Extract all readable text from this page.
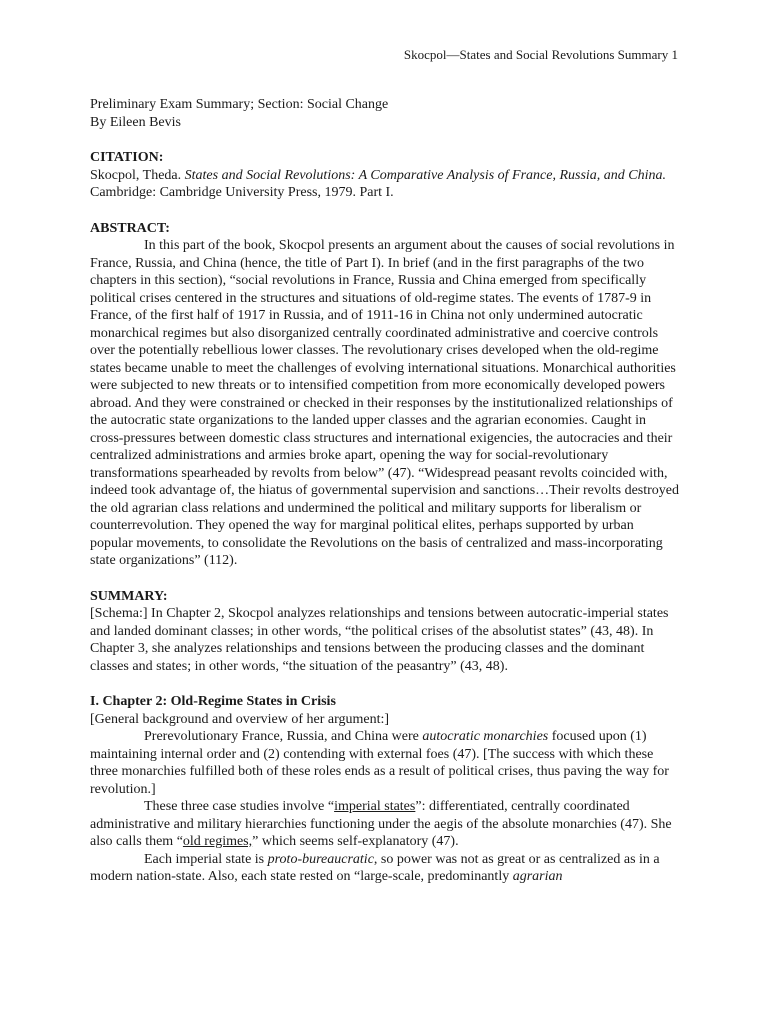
Skocpol—States and Social Revolutions Summary 1

Preliminary Exam Summary; Section: Social Change

By Eileen Bevis

CITATION:

Skocpol, Theda. States and Social Revolutions: A Comparative Analysis of France, Russia, and China. Cambridge: Cambridge University Press, 1979. Part I.

ABSTRACT:

In this part of the book, Skocpol presents an argument about the causes of social revolutions in France, Russia, and China (hence, the title of Part I). In brief (and in the first paragraphs of the two chapters in this section), “social revolutions in France, Russia and China emerged from specifically political crises centered in the structures and situations of old-regime states. The events of 1787-9 in France, of the first half of 1917 in Russia, and of 1911-16 in China not only undermined autocratic monarchical regimes but also disorganized centrally coordinated administrative and coercive controls over the potentially rebellious lower classes. The revolutionary crises developed when the old-regime states became unable to meet the challenges of evolving international situations. Monarchical authorities were subjected to new threats or to intensified competition from more economically developed powers abroad. And they were constrained or checked in their responses by the institutionalized relationships of the autocratic state organizations to the landed upper classes and the agrarian economies. Caught in cross-pressures between domestic class structures and international exigencies, the autocracies and their centralized administrations and armies broke apart, opening the way for social-revolutionary transformations spearheaded by revolts from below” (47). “Widespread peasant revolts coincided with, indeed took advantage of, the hiatus of governmental supervision and sanctions…Their revolts destroyed the old agrarian class relations and undermined the political and military supports for liberalism or counterrevolution. They opened the way for marginal political elites, perhaps supported by urban popular movements, to consolidate the Revolutions on the basis of centralized and mass-incorporating state organizations” (112).

SUMMARY:

[Schema:] In Chapter 2, Skocpol analyzes relationships and tensions between autocratic-imperial states and landed dominant classes; in other words, “the political crises of the absolutist states” (43, 48). In Chapter 3, she analyzes relationships and tensions between the producing classes and the dominant classes and states; in other words, “the situation of the peasantry” (43, 48).

I. Chapter 2: Old-Regime States in Crisis

[General background and overview of her argument:]

Prerevolutionary France, Russia, and China were autocratic monarchies focused upon (1) maintaining internal order and (2) contending with external foes (47). [The success with which these three monarchies fulfilled both of these roles ends as a result of political crises, thus paving the way for revolution.]

These three case studies involve “imperial states”: differentiated, centrally coordinated administrative and military hierarchies functioning under the aegis of the absolute monarchies (47). She also calls them “old regimes,” which seems self-explanatory (47).

Each imperial state is proto-bureaucratic, so power was not as great or as centralized as in a modern nation-state. Also, each state rested on “large-scale, predominantly agrarian
